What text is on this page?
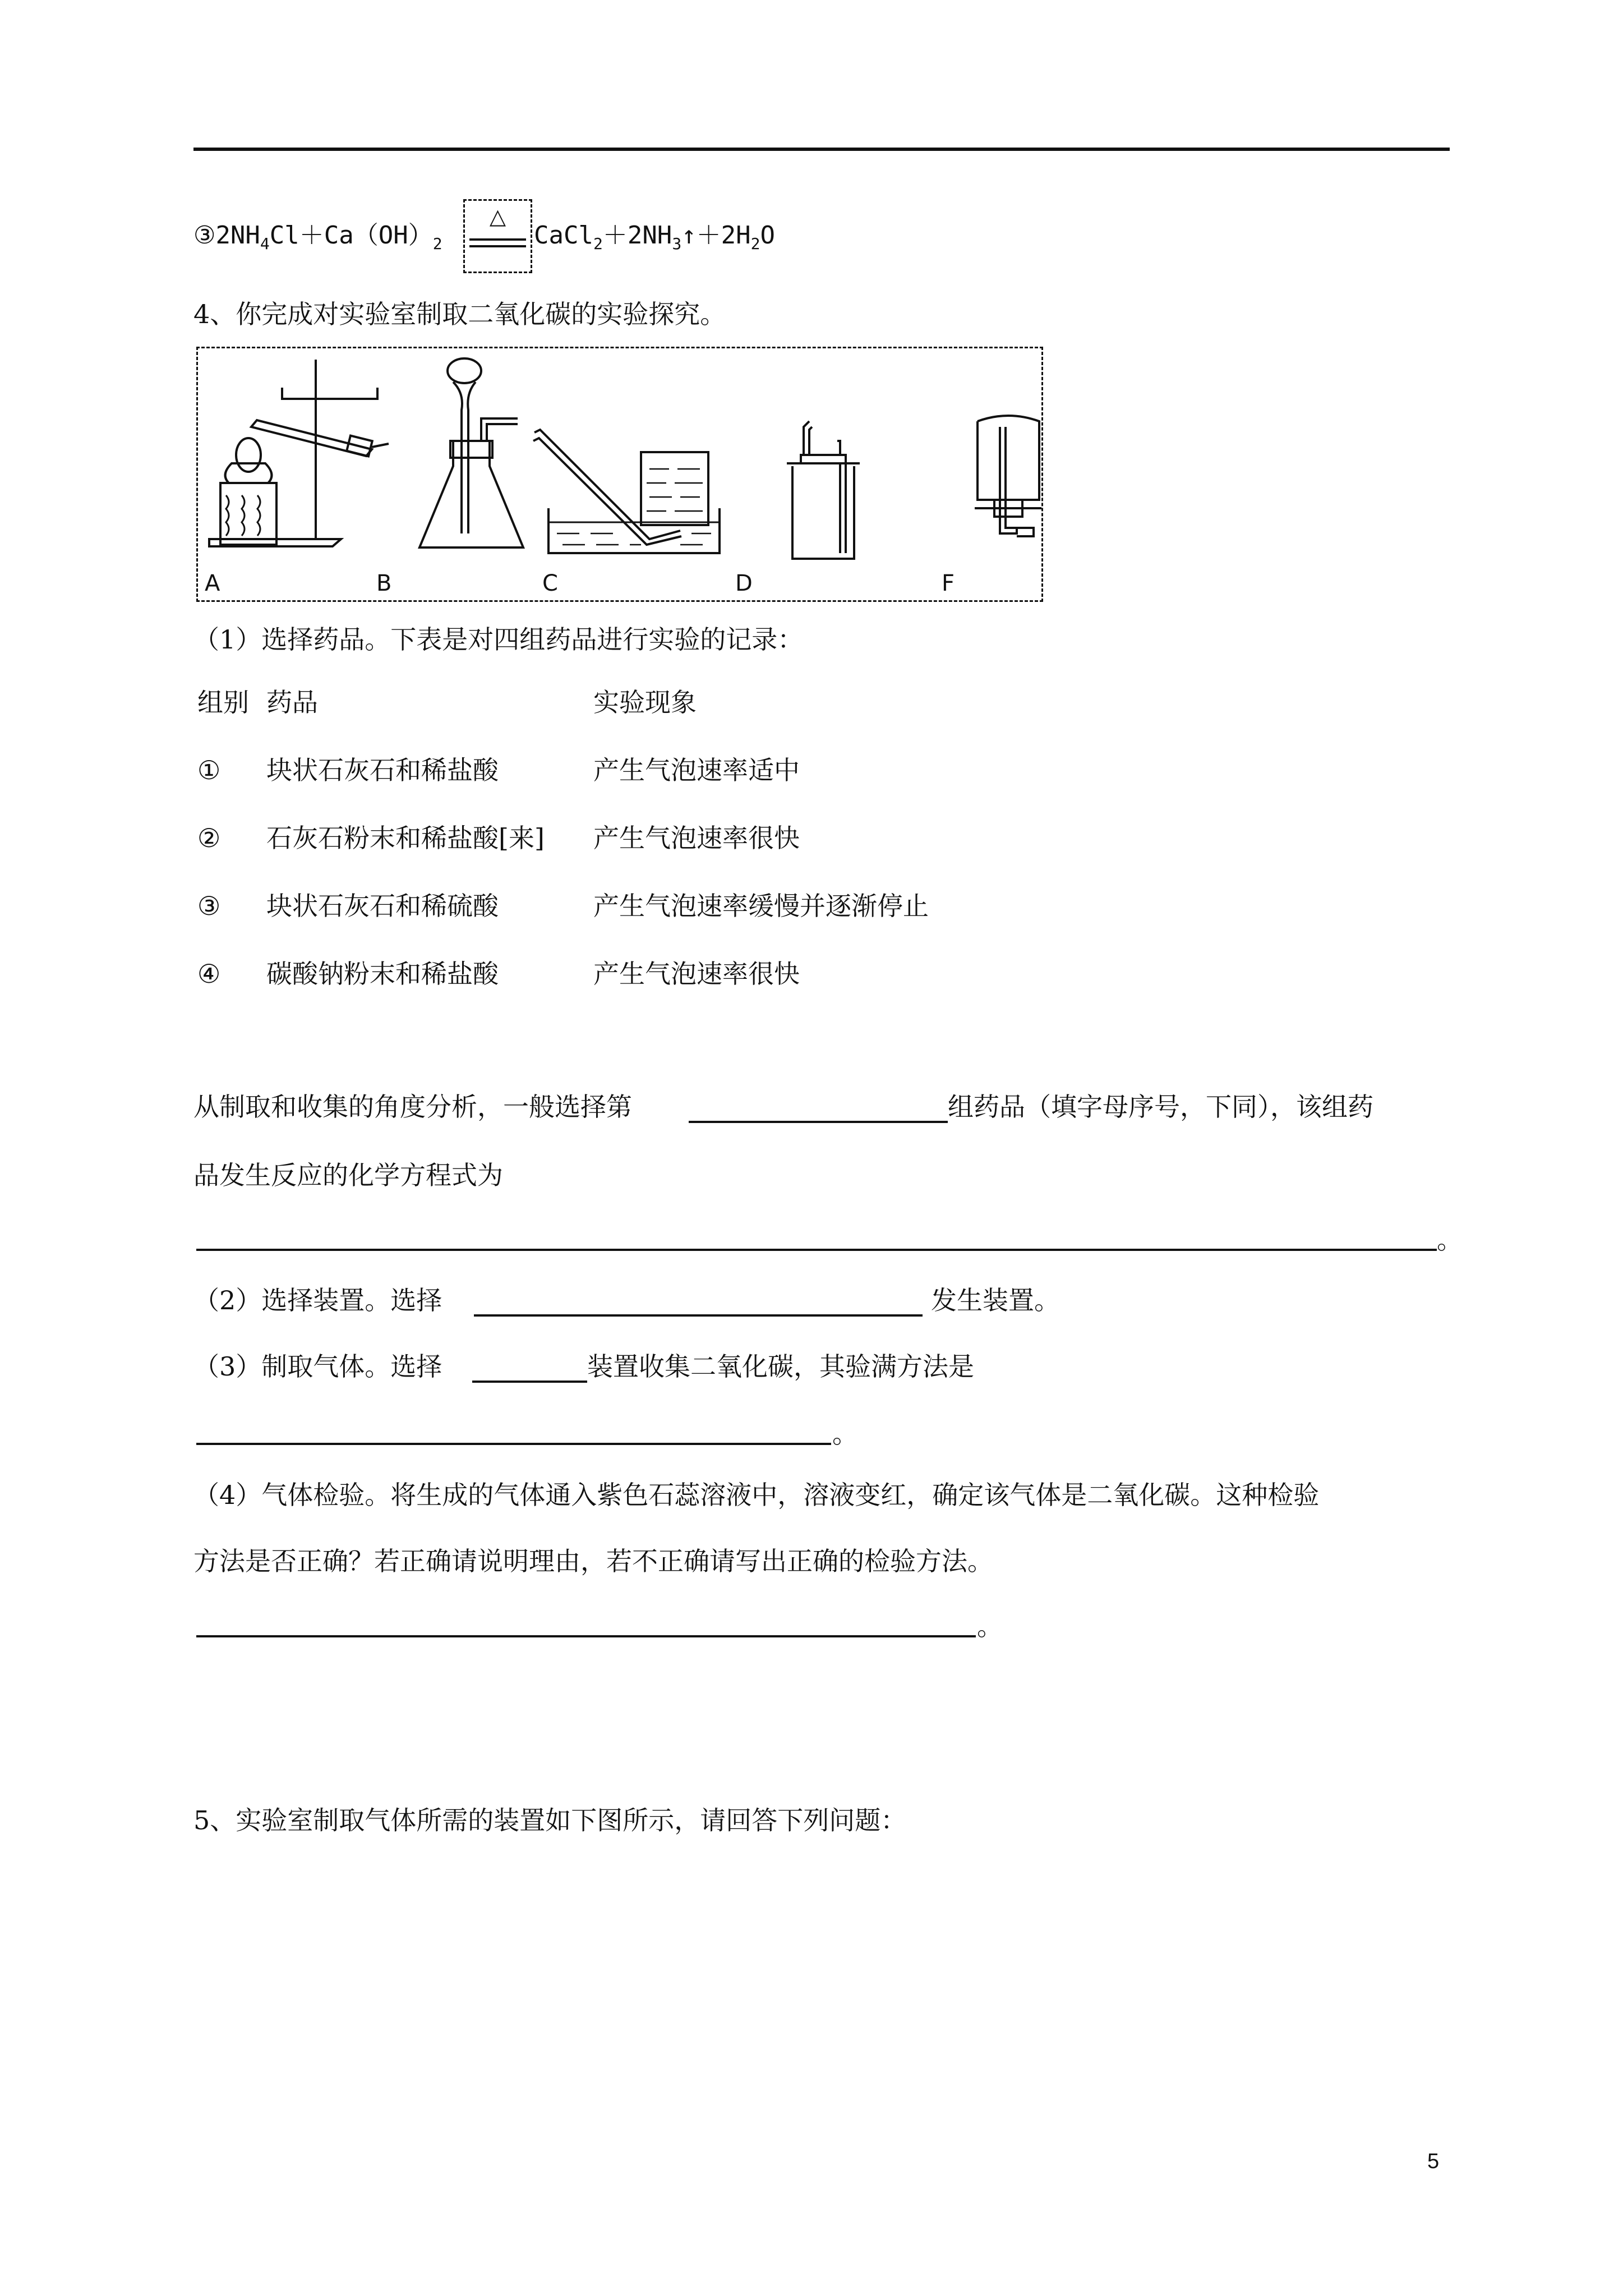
$③2NH_4Cl+Ca(OH)_2$
△
$CaCl_2+2NH_3↑+2H_2O$
4、你完成对实验室制取二氧化碳的实验探究。
A	B	C	D	F
（1）选择药品。下表是对四组药品进行实验的记录：
组别 药品	实验现象
① 块状石灰石和稀盐酸	产生气泡速率适中
② 石灰石粉末和稀盐酸[来] 产生气泡速率很快
③ 块状石灰石和稀硫酸	产生气泡速率缓慢并逐渐停止
④ 碳酸钠粉末和稀盐酸	产生气泡速率很快
从制取和收集的角度分析，一般选择第	组药品（填字母序号，下同），该组药
品发生反应的化学方程式为
。
（2）选择装置。选择	发生装置。
（3）制取气体。选择	装置收集二氧化碳，其验满方法是
。
（4）气体检验。将生成的气体通入紫色石蕊溶液中，溶液变红，确定该气体是二氧化碳。这种检验
方法是否正确？若正确请说明理由，若不正确请写出正确的检验方法。
。
5、实验室制取气体所需的装置如下图所示，请回答下列问题：
5
